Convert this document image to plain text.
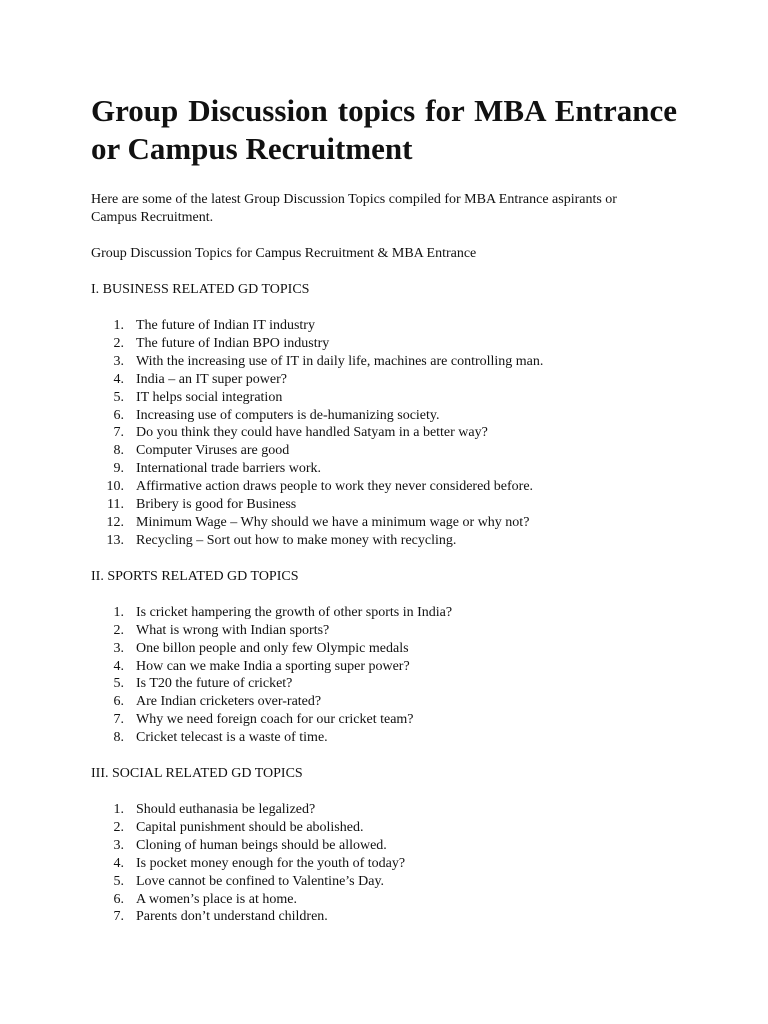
Group Discussion topics for MBA Entrance
or Campus Recruitment

Here are some of the latest Group Discussion Topics compiled for MBA Entrance aspirants or Campus Recruitment.

Group Discussion Topics for Campus Recruitment & MBA Entrance

I. BUSINESS RELATED GD TOPICS

1. The future of Indian IT industry
2. The future of Indian BPO industry
3. With the increasing use of IT in daily life, machines are controlling man.
4. India – an IT super power?
5. IT helps social integration
6. Increasing use of computers is de-humanizing society.
7. Do you think they could have handled Satyam in a better way?
8. Computer Viruses are good
9. International trade barriers work.
10. Affirmative action draws people to work they never considered before.
11. Bribery is good for Business
12. Minimum Wage – Why should we have a minimum wage or why not?
13. Recycling – Sort out how to make money with recycling.

II. SPORTS RELATED GD TOPICS

1. Is cricket hampering the growth of other sports in India?
2. What is wrong with Indian sports?
3. One billon people and only few Olympic medals
4. How can we make India a sporting super power?
5. Is T20 the future of cricket?
6. Are Indian cricketers over-rated?
7. Why we need foreign coach for our cricket team?
8. Cricket telecast is a waste of time.

III. SOCIAL RELATED GD TOPICS

1. Should euthanasia be legalized?
2. Capital punishment should be abolished.
3. Cloning of human beings should be allowed.
4. Is pocket money enough for the youth of today?
5. Love cannot be confined to Valentine’s Day.
6. A women’s place is at home.
7. Parents don’t understand children.
